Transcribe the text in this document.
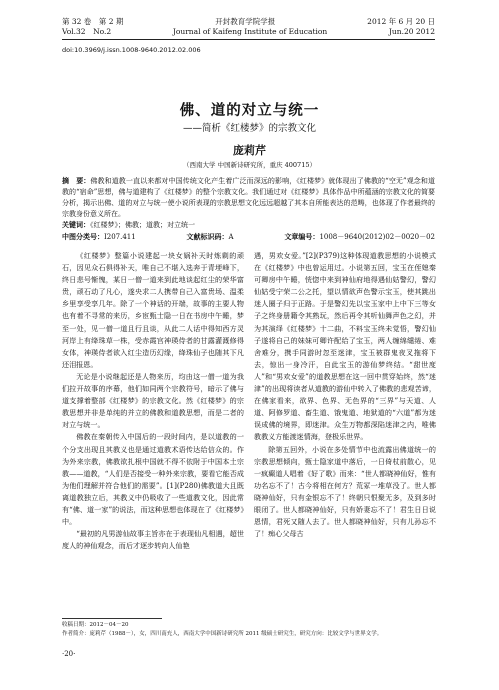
第 32 卷　第 2 期	开封教育学院学报	2012 年 6 月 20 日
Vol.32　No.2	Journal of Kaifeng Institute of Education	Jun.20 2012
doi:10.3969/j.issn.1008-9640.2012.02.006
佛、道的对立与统一
——简析《红楼梦》的宗教文化
庞莉芹
（西南大学 中国新诗研究所，重庆 400715）
摘　要：佛教和道教一直以来都对中国传统文化产生着广泛而深远的影响，《红楼梦》就体现出了佛教的“空无”观念和道教的“宿命”思想，佛与道建构了《红楼梦》的整个宗教文化。我们通过对《红楼梦》具体作品中所蕴涵的宗教文化的简要分析，揭示出佛、道的对立与统一使小说所表现的宗教思想文化远远超越了其本自所能表达的范畴，也体现了作者最终的宗教身份意义所在。
关键词：《红楼梦》；佛教；道教；对立统一
中图分类号：I207.411	文献标识码：A	文章编号：1008－9640(2012)02－0020－02

《红楼梦》整篇小说建起一块女娲补天时炼剩的顽石，因见众石俱得补天，唯自己不堪入选奔于青埂峰下，终日悲号惭愧，某日一僧一道来到此地谈起红尘的荣华富贵，顽石动了凡心，遂央求二人携带自己入富贵场、温柔乡里享受享几年。除了一个神话的开端，故事的主要人物也有着不寻常的来历，乡宦甄士隐一日在书房中午睡，梦至一处，见一僧一道且行且谈，从此二人话中得知西方灵河岸上有绛珠草一株，受赤霞宫神瑛侍者的甘露灌溉修得女体，神瑛侍者欲入红尘造历幻缘，绛珠仙子也随其下凡还泪报恩。

无论是小说继起还是人物来历，均由这一僧一道为我们拉开故事的序幕，他们如同两个宗教符号，暗示了佛与道支撑着整部《红楼梦》的宗教文化。然《红楼梦》的宗教思想并非是单纯的并立的佛教和道教思想，而是二者的对立与统一。

佛教在秦朝传入中国后的一段时间内，是以道教的一个分支出现且其教义也是通过道教术语传达给信众的。作为外来宗教，佛教欲扎根中国就不得不依附于中国本土宗教——道教，“人们是否接受一种外来宗教，要看它能否成为他们理解并符合他们的需要”。[1](P280)佛教道大且既离道教独立后，其教义中仍吸收了一些道教文化，因此常有“佛、道一家”的说法，而这种思想也体现在了《红楼梦》中。

“最初的凡男游仙故事主旨亦在于表现仙凡相遇，超世度人的神仙观念，而后才逐步转向人仙艳

遇，男欢女爱。”[2](P379)这种体现道教思想的小说模式在《红楼梦》中也曾运用过。小说第五回，宝玉在侄媳秦可卿房中午睡，恍惚中来到神仙府地得遇仙姑警幻，警幻仙姑受宁荣二公之托，望以情欲声色警示宝玉，使其跳出迷人圈子归于正路。于是警幻先以宝玉家中上中下三等女子之终身册籍令其熟玩，然后再令其听仙舞声色之幻，并为其演绎《红楼梦》十二曲，不料宝玉终未觉悟，警幻仙子遂将自己的妹妹可卿许配给了宝玉，两人缠绵缱绻、难舍难分，携手同游时忽至迷津，宝玉被群鬼夜叉拖将下去，惊出一身冷汗，自此宝玉的游仙梦终结。“甜世度人”和“男欢女爱”的道教思想在这一回中贯穿始终，然“迷津”的出现将读者从道教的游仙中转入了佛教的悲观苦谛，在佛家看来，欲界、色界、无色界的“三界”与天道、人道、阿修罗道、畜生道、饿鬼道、地狱道的“六道”都为迷误成佛的境界，即迷津。众生万物都深陷迷津之内，唯佛教教义方能渡迷情海，登极乐世界。

除第五回外，小说在多处情节中也流露出佛道统一的宗教思想倾向，甄士隐家道中落后，一日倚杖前散心，见一疯癫道人唱着《好了歌》而来：“世人都晓神仙好，惟有功名忘不了！古今将相在何方？荒冢一堆草没了。世人都晓神仙好，只有金银忘不了！终朝只恨聚无多，及到多时眼闭了。世人都晓神仙好，只有娇妻忘不了！君生日日说恩情，君死又随人去了。世人都晓神仙好，只有儿孙忘不了！痴心父母古

收稿日期：2012－04－20
作者简介：庞莉芹（1988－），女，四川南充人，西南大学中国新诗研究所 2011 级硕士研究生，研究方向：比较文学与世界文学。
·20·
